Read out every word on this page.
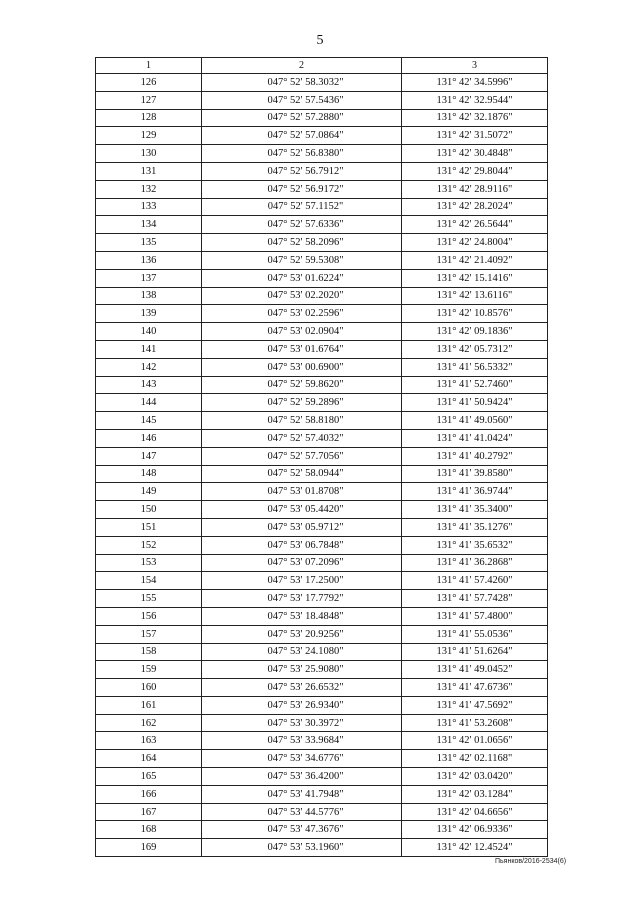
5
1	2	3
126	047° 52' 58.3032"	131° 42' 34.5996"
127	047° 52' 57.5436"	131° 42' 32.9544"
128	047° 52' 57.2880"	131° 42' 32.1876"
129	047° 52' 57.0864"	131° 42' 31.5072"
130	047° 52' 56.8380"	131° 42' 30.4848"
131	047° 52' 56.7912"	131° 42' 29.8044"
132	047° 52' 56.9172"	131° 42' 28.9116"
133	047° 52' 57.1152"	131° 42' 28.2024"
134	047° 52' 57.6336"	131° 42' 26.5644"
135	047° 52' 58.2096"	131° 42' 24.8004"
136	047° 52' 59.5308"	131° 42' 21.4092"
137	047° 53' 01.6224"	131° 42' 15.1416"
138	047° 53' 02.2020"	131° 42' 13.6116"
139	047° 53' 02.2596"	131° 42' 10.8576"
140	047° 53' 02.0904"	131° 42' 09.1836"
141	047° 53' 01.6764"	131° 42' 05.7312"
142	047° 53' 00.6900"	131° 41' 56.5332"
143	047° 52' 59.8620"	131° 41' 52.7460"
144	047° 52' 59.2896"	131° 41' 50.9424"
145	047° 52' 58.8180"	131° 41' 49.0560"
146	047° 52' 57.4032"	131° 41' 41.0424"
147	047° 52' 57.7056"	131° 41' 40.2792"
148	047° 52' 58.0944"	131° 41' 39.8580"
149	047° 53' 01.8708"	131° 41' 36.9744"
150	047° 53' 05.4420"	131° 41' 35.3400"
151	047° 53' 05.9712"	131° 41' 35.1276"
152	047° 53' 06.7848"	131° 41' 35.6532"
153	047° 53' 07.2096"	131° 41' 36.2868"
154	047° 53' 17.2500"	131° 41' 57.4260"
155	047° 53' 17.7792"	131° 41' 57.7428"
156	047° 53' 18.4848"	131° 41' 57.4800"
157	047° 53' 20.9256"	131° 41' 55.0536"
158	047° 53' 24.1080"	131° 41' 51.6264"
159	047° 53' 25.9080"	131° 41' 49.0452"
160	047° 53' 26.6532"	131° 41' 47.6736"
161	047° 53' 26.9340"	131° 41' 47.5692"
162	047° 53' 30.3972"	131° 41' 53.2608"
163	047° 53' 33.9684"	131° 42' 01.0656"
164	047° 53' 34.6776"	131° 42' 02.1168"
165	047° 53' 36.4200"	131° 42' 03.0420"
166	047° 53' 41.7948"	131° 42' 03.1284"
167	047° 53' 44.5776"	131° 42' 04.6656"
168	047° 53' 47.3676"	131° 42' 06.9336"
169	047° 53' 53.1960"	131° 42' 12.4524"
Пьянков/2016-2534(6)
